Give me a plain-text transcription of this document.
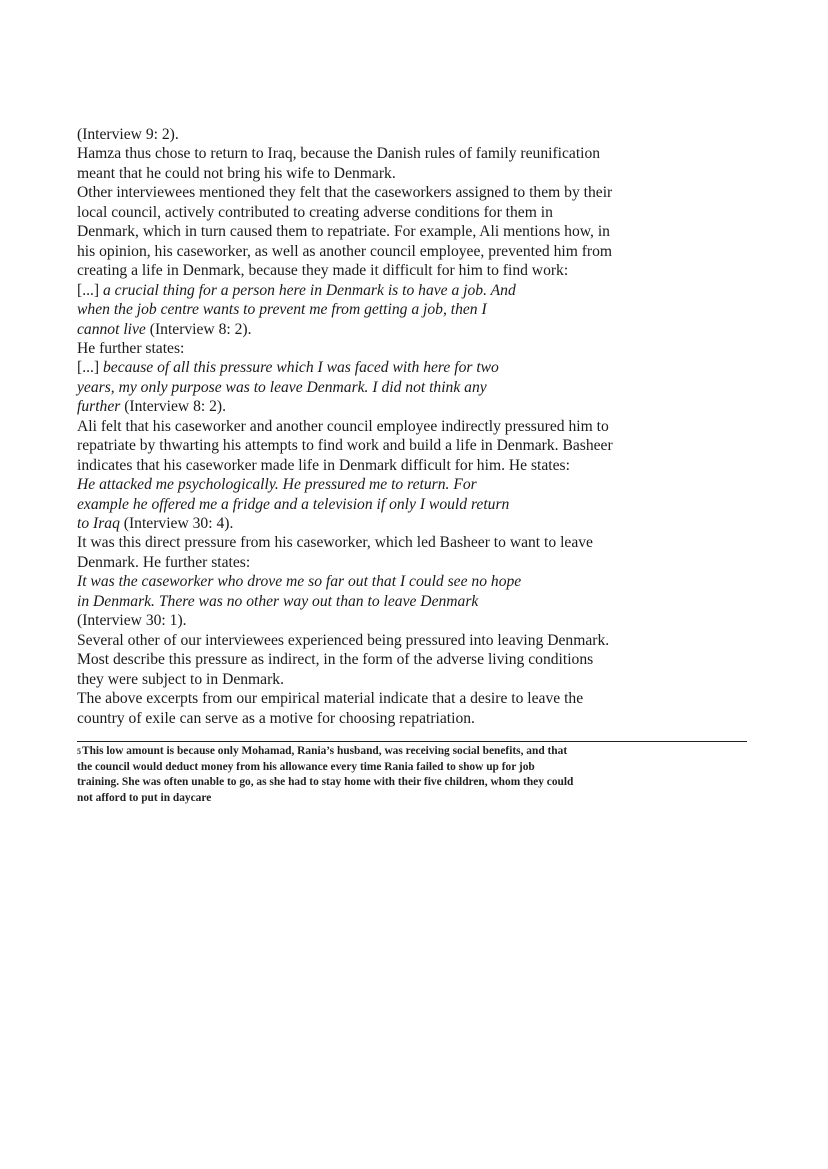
(Interview 9: 2).
Hamza thus chose to return to Iraq, because the Danish rules of family reunification
meant that he could not bring his wife to Denmark.
Other interviewees mentioned they felt that the caseworkers assigned to them by their
local council, actively contributed to creating adverse conditions for them in
Denmark, which in turn caused them to repatriate. For example, Ali mentions how, in
his opinion, his caseworker, as well as another council employee, prevented him from
creating a life in Denmark, because they made it difficult for him to find work:
[...] a crucial thing for a person here in Denmark is to have a job. And
when the job centre wants to prevent me from getting a job, then I
cannot live (Interview 8: 2).
He further states:
[...] because of all this pressure which I was faced with here for two
years, my only purpose was to leave Denmark. I did not think any
further (Interview 8: 2).
Ali felt that his caseworker and another council employee indirectly pressured him to
repatriate by thwarting his attempts to find work and build a life in Denmark. Basheer
indicates that his caseworker made life in Denmark difficult for him. He states:
He attacked me psychologically. He pressured me to return. For
example he offered me a fridge and a television if only I would return
to Iraq (Interview 30: 4).
It was this direct pressure from his caseworker, which led Basheer to want to leave
Denmark. He further states:
It was the caseworker who drove me so far out that I could see no hope
in Denmark. There was no other way out than to leave Denmark
(Interview 30: 1).
Several other of our interviewees experienced being pressured into leaving Denmark.
Most describe this pressure as indirect, in the form of the adverse living conditions
they were subject to in Denmark.
The above excerpts from our empirical material indicate that a desire to leave the
country of exile can serve as a motive for choosing repatriation.
5This low amount is because only Mohamad, Rania’s husband, was receiving social benefits, and that
the council would deduct money from his allowance every time Rania failed to show up for job
training. She was often unable to go, as she had to stay home with their five children, whom they could
not afford to put in daycare
